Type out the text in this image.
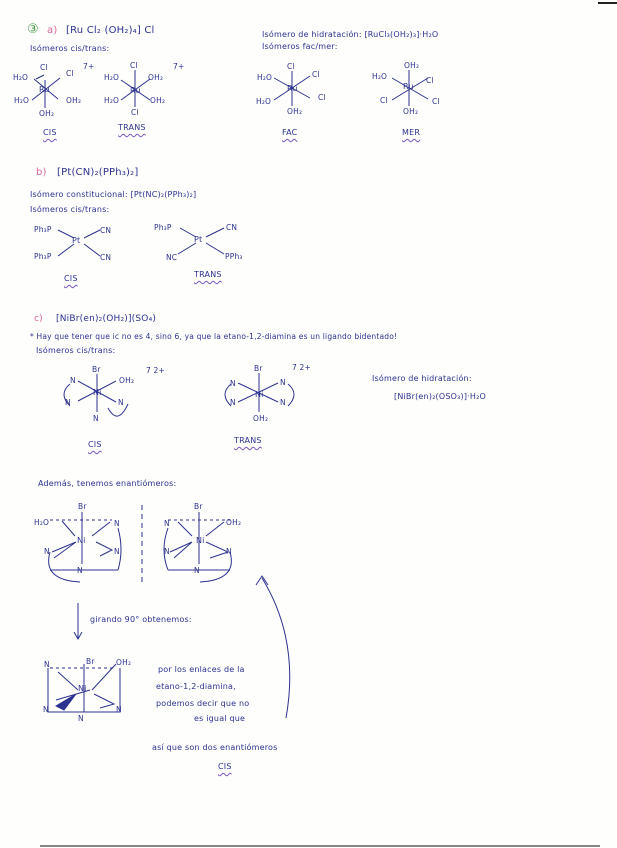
③ a) [Ru Cl₂ (OH₂)₄] Cl
Isómeros cis/trans:
Isómero de hidratación: [RuCl₃(OH₂)₃]·H₂O
Isómeros fac/mer:
Cl
Cl
H₂O
Ru
OH₂
H₂O
OH₂
7+
CIS
Cl
H₂O	OH₂
Ru
H₂O	OH₂
Cl
7+
TRANS
Cl
H₂O	Cl
Ru
Cl
H₂O
OH₂
FAC
OH₂
H₂O
Ru
Cl
Cl	Cl
OH₂
MER
b) [Pt(CN)₂(PPh₃)₂]
Isómero constitucional: [Pt(NC)₂(PPh₃)₂]
Isómeros cis/trans:
Ph₃P	CN
Pt
Ph₃P	CN
CIS
Ph₃P	CN
Pt
NC	PPh₃
TRANS
c) [NiBr(en)₂(OH₂)](SO₄)
* Hay que tener que ic no es 4, sino 6, ya que la etano-1,2-diamina es un ligando bidentado!
Isómeros cis/trans:
Br
N	OH₂
N
Ni
N
N
7 2+
CIS
Br
N	N
Ni
N	N
OH₂
7 2+
TRANS
Isómero de hidratación:
[NiBr(en)₂(OSO₃)]·H₂O
Además, tenemos enantiómeros:
Br
H₂O	N
N
Ni
N
N
Br
N	OH₂
N
Ni
N
N
girando 90° obtenemos:
Br	OH₂
N
Ni
N	N
N
por los enlaces de la
etano-1,2-diamina,
podemos decir que no
es igual que
así que son dos enantiómeros
CIS
